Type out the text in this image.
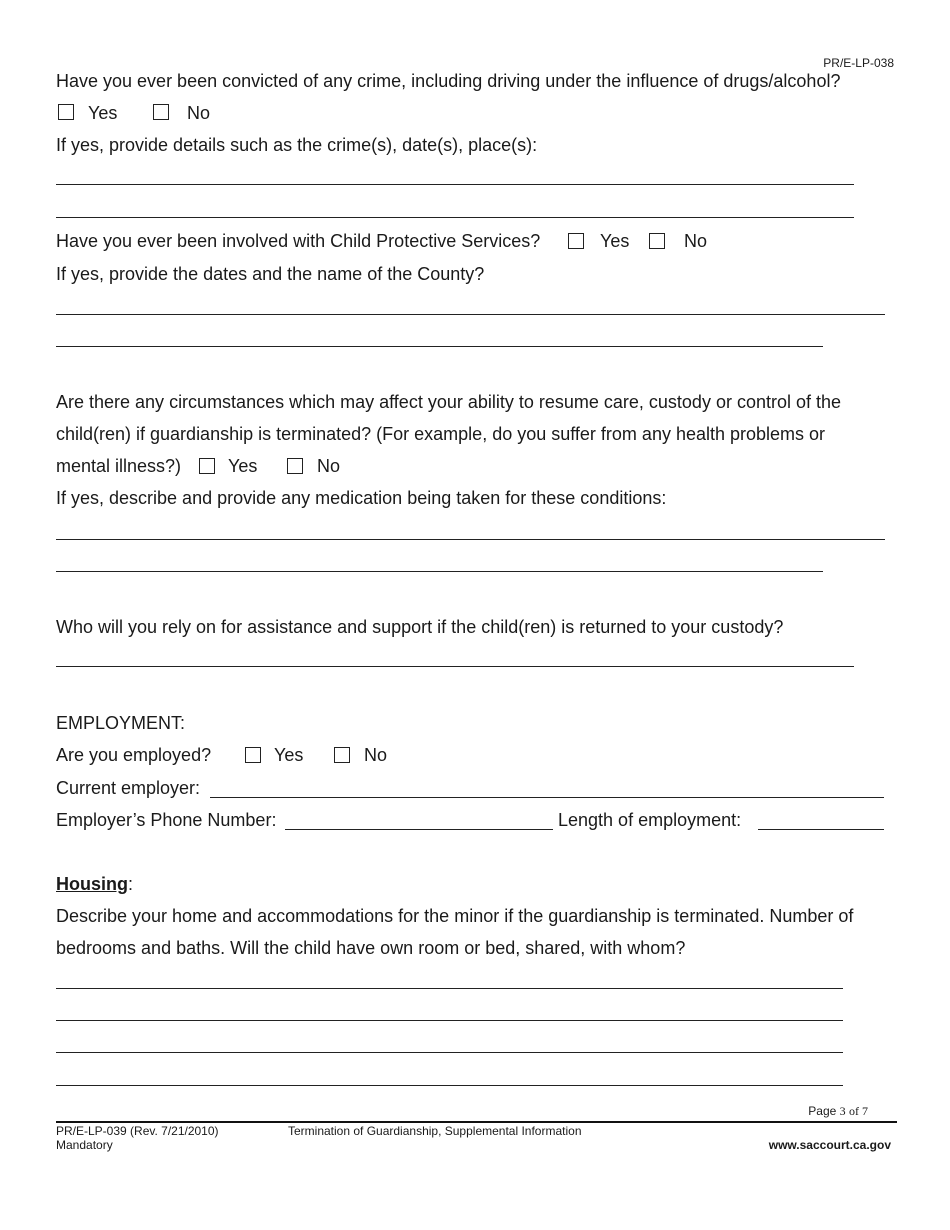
PR/E-LP-038
Have you ever been convicted of any crime, including driving under the influence of drugs/alcohol?
Yes	No
If yes, provide details such as the crime(s), date(s), place(s):
Have you ever been involved with Child Protective Services?	Yes	No
If yes, provide the dates and the name of the County?
Are there any circumstances which may affect your ability to resume care, custody or control of the
child(ren) if guardianship is terminated? (For example, do you suffer from any health problems or
mental illness?)	Yes	No
If yes, describe and provide any medication being taken for these conditions:
Who will you rely on for assistance and support if the child(ren) is returned to your custody?
EMPLOYMENT:
Are you employed?	Yes	No
Current employer:
Employer’s Phone Number:	Length of employment:
Housing:
Describe your home and accommodations for the minor if the guardianship is terminated. Number of
bedrooms and baths. Will the child have own room or bed, shared, with whom?
Page 3 of 7
PR/E-LP-039 (Rev. 7/21/2010)
Mandatory
Termination of Guardianship, Supplemental Information
www.saccourt.ca.gov
